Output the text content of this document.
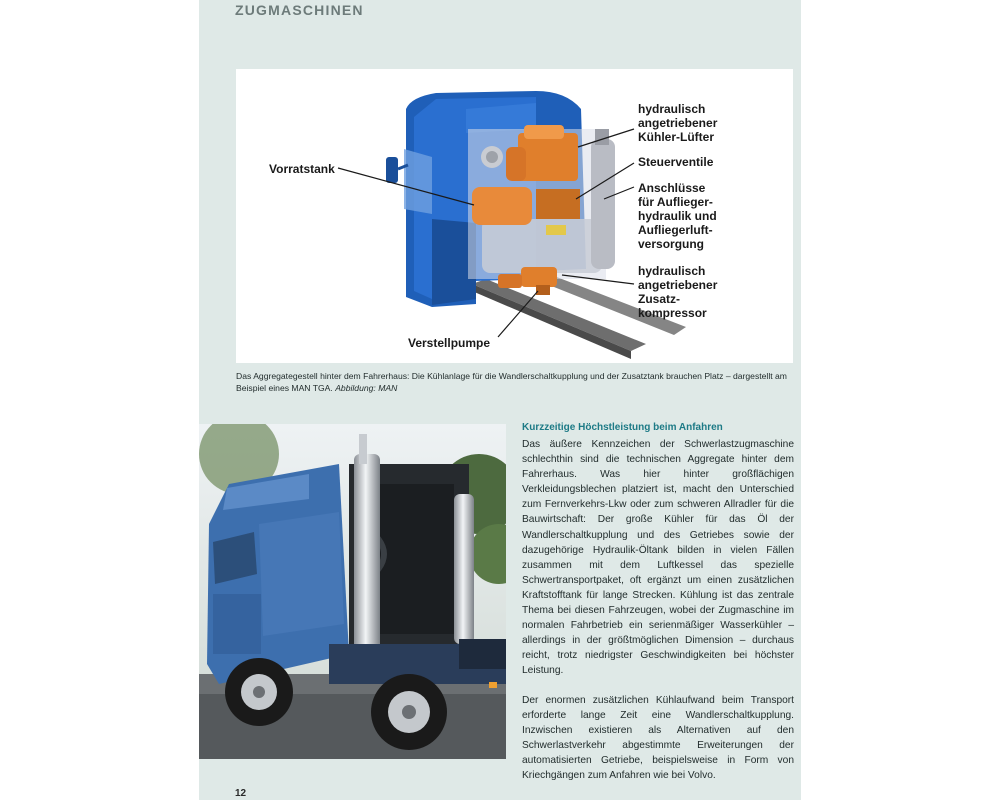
ZUGMASCHINEN
Vorratstank
Verstellpumpe
hydraulisch
angetriebener
Kühler-Lüfter
Steuerventile
Anschlüsse
für Auflieger-
hydraulik und
Aufliegerluft-
versorgung
hydraulisch
angetriebener
Zusatz-
kompressor
Das Aggregategestell hinter dem Fahrerhaus: Die Kühlanlage für die Wandlerschaltkupplung und der Zusatztank brauchen Platz – dargestellt am Beispiel eines MAN TGA. Abbildung: MAN
Kurzzeitige Höchstleistung beim Anfahren

Das äußere Kennzeichen der Schwerlastzugmaschine schlechthin sind die technischen Aggregate hinter dem Fahrerhaus. Was hier hinter großflächigen Verkleidungsblechen platziert ist, macht den Unterschied zum Fernverkehrs-Lkw oder zum schweren Allradler für die Bauwirtschaft: Der große Kühler für das Öl der Wandlerschaltkupplung und des Getriebes sowie der dazugehörige Hydraulik-Öltank bilden in vielen Fällen zusammen mit dem Luftkessel das spezielle Schwertransportpaket, oft ergänzt um einen zusätzlichen Kraftstofftank für lange Strecken. Kühlung ist das zentrale Thema bei diesen Fahrzeugen, wobei der Zugmaschine im normalen Fahrbetrieb ein serienmäßiger Wasserkühler – allerdings in der größtmöglichen Dimension – durchaus reicht, trotz niedrigster Geschwindigkeiten bei höchster Leistung.

Der enormen zusätzlichen Kühlaufwand beim Transport erforderte lange Zeit eine Wandlerschaltkupplung. Inzwischen existieren als Alternativen auf den Schwerlastverkehr abgestimmte Erweiterungen der automatisierten Getriebe, beispielsweise in Form von Kriechgängen zum Anfahren wie bei Volvo.

12
